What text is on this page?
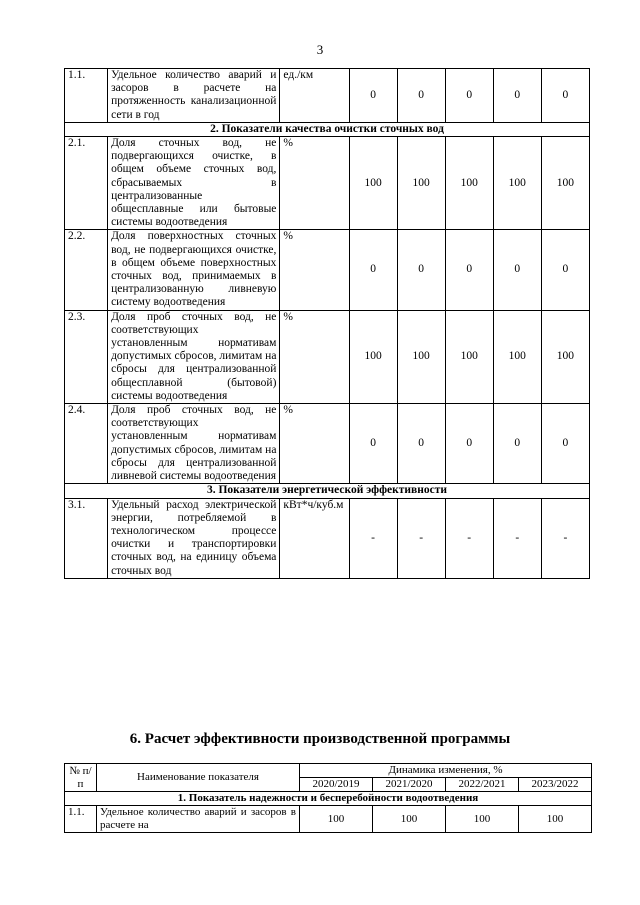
3
1.1.	Удельное количество аварий и засоров в расчете на протяженность канализационной сети в год	ед./км	0	0	0	0	0
2. Показатели качества очистки сточных вод							
2.1.	Доля сточных вод, не подвергающихся очистке, в общем объеме сточных вод, сбрасываемых в централизованные общесплавные или бытовые системы водоотведения	%	100	100	100	100	100
2.2.	Доля поверхностных сточных вод, не подвергающихся очистке, в общем объеме поверхностных сточных вод, принимаемых в централизованную ливневую систему водоотведения	%	0	0	0	0	0
2.3.	Доля проб сточных вод, не соответствующих установленным нормативам допустимых сбросов, лимитам на сбросы для централизованной общесплавной (бытовой) системы водоотведения	%	100	100	100	100	100
2.4.	Доля проб сточных вод, не соответствующих установленным нормативам допустимых сбросов, лимитам на сбросы для централизованной ливневой системы водоотведения	%	0	0	0	0	0
3. Показатели энергетической эффективности							
3.1.	Удельный расход электрической энергии, потребляемой в технологическом процессе очистки и транспортировки сточных вод, на единицу объема сточных вод	кВт*ч/куб.м	-	-	-	-	-
6. Расчет эффективности производственной программы
№ п/п	Наименование показателя	Динамика изменения, %			
		2020/2019	2021/2020	2022/2021	2023/2022
1. Показатель надежности и бесперебойности водоотведения					
1.1.	Удельное количество аварий и засоров в расчете на	100	100	100	100
